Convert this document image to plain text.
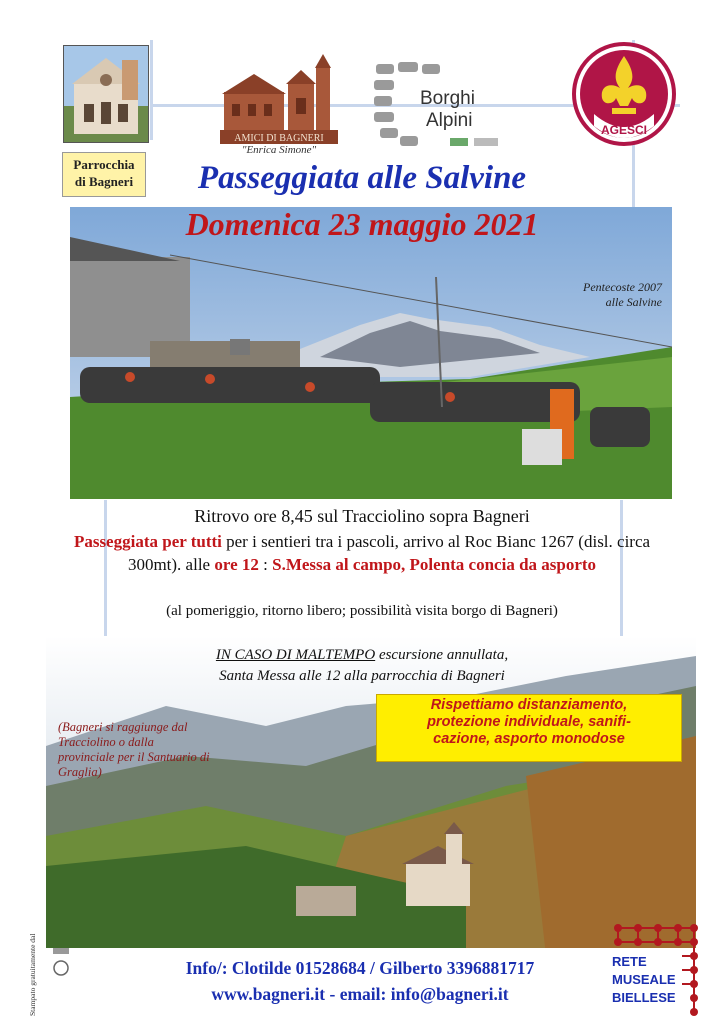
Parrocchia
di Bagneri
AMICI DI BAGNERI
"Enrica Simone"
Borghi
Alpini	AGESCI
Passeggiata alle Salvine
Domenica 23 maggio 2021
Pentecoste 2007
alle Salvine
Ritrovo ore 8,45 sul Tracciolino sopra Bagneri
Passeggiata per tutti per i sentieri tra i pascoli, arrivo al Roc Bianc 1267 (disl. circa 300mt). alle ore 12 : S.Messa al campo, Polenta concia da asporto
(al pomeriggio, ritorno libero; possibilità visita borgo di Bagneri)
IN CASO DI MALTEMPO escursione annullata,
Santa Messa alle 12 alla parrocchia di Bagneri
(Bagneri si raggiunge dal Tracciolino o dalla provinciale per il Santuario di Graglia)
Rispettiamo distanziamento,
protezione individuale, sanifi-
cazione, asporto monodose
Info/: Clotilde 01528684 / Gilberto 3396881717
www.bagneri.it - email: info@bagneri.it
Stampato gratuitamente dal	RETE
MUSEALE
BIELLESE
